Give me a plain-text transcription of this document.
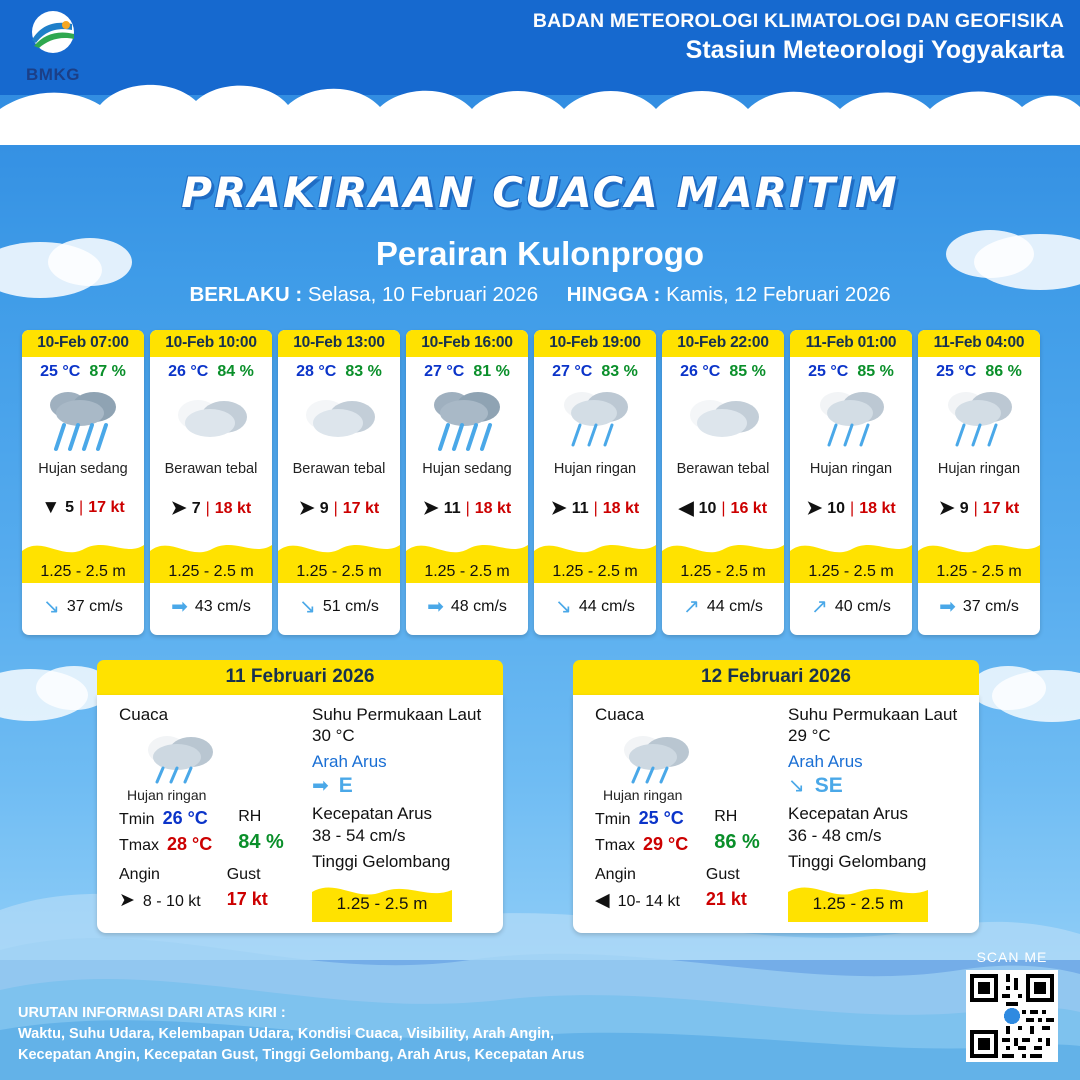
BMKG
BADAN METEOROLOGI KLIMATOLOGI DAN GEOFISIKA
Stasiun Meteorologi Yogyakarta
PRAKIRAAN CUACA MARITIM
Perairan Kulonprogo
BERLAKU : Selasa, 10 Februari 2026 HINGGA : Kamis, 12 Februari 2026
10-Feb 07:00
25 °C 87 %
Hujan sedang
▼ 5 | 17 kt
1.25 - 2.5 m
↘ 37 cm/s
10-Feb 10:00
26 °C 84 %
Berawan tebal
➤ 7 | 18 kt
1.25 - 2.5 m
➡ 43 cm/s
10-Feb 13:00
28 °C 83 %
Berawan tebal
➤ 9 | 17 kt
1.25 - 2.5 m
↘ 51 cm/s
10-Feb 16:00
27 °C 81 %
Hujan sedang
➤ 11 | 18 kt
1.25 - 2.5 m
➡ 48 cm/s
10-Feb 19:00
27 °C 83 %
Hujan ringan
➤ 11 | 18 kt
1.25 - 2.5 m
↘ 44 cm/s
10-Feb 22:00
26 °C 85 %
Berawan tebal
◀ 10 | 16 kt
1.25 - 2.5 m
↗ 44 cm/s
11-Feb 01:00
25 °C 85 %
Hujan ringan
➤ 10 | 18 kt
1.25 - 2.5 m
↗ 40 cm/s
11-Feb 04:00
25 °C 86 %
Hujan ringan
➤ 9 | 17 kt
1.25 - 2.5 m
➡ 37 cm/s
11 Februari 2026
Cuaca
Hujan ringan
Tmin 26 °C
Tmax 28 °C
RH
84 %
Angin
➤ 8 - 10 kt
Gust
17 kt
Suhu Permukaan Laut
30 °C
Arah Arus
➡ E
Kecepatan Arus
38 - 54 cm/s
Tinggi Gelombang
1.25 - 2.5 m
12 Februari 2026
Cuaca
Hujan ringan
Tmin 25 °C
Tmax 29 °C
RH
86 %
Angin
◀ 10- 14 kt
Gust
21 kt
Suhu Permukaan Laut
29 °C
Arah Arus
↘ SE
Kecepatan Arus
36 - 48 cm/s
Tinggi Gelombang
1.25 - 2.5 m
URUTAN INFORMASI DARI ATAS KIRI :
Waktu, Suhu Udara, Kelembapan Udara, Kondisi Cuaca, Visibility, Arah Angin,
Kecepatan Angin, Kecepatan Gust, Tinggi Gelombang, Arah Arus, Kecepatan Arus
SCAN ME
